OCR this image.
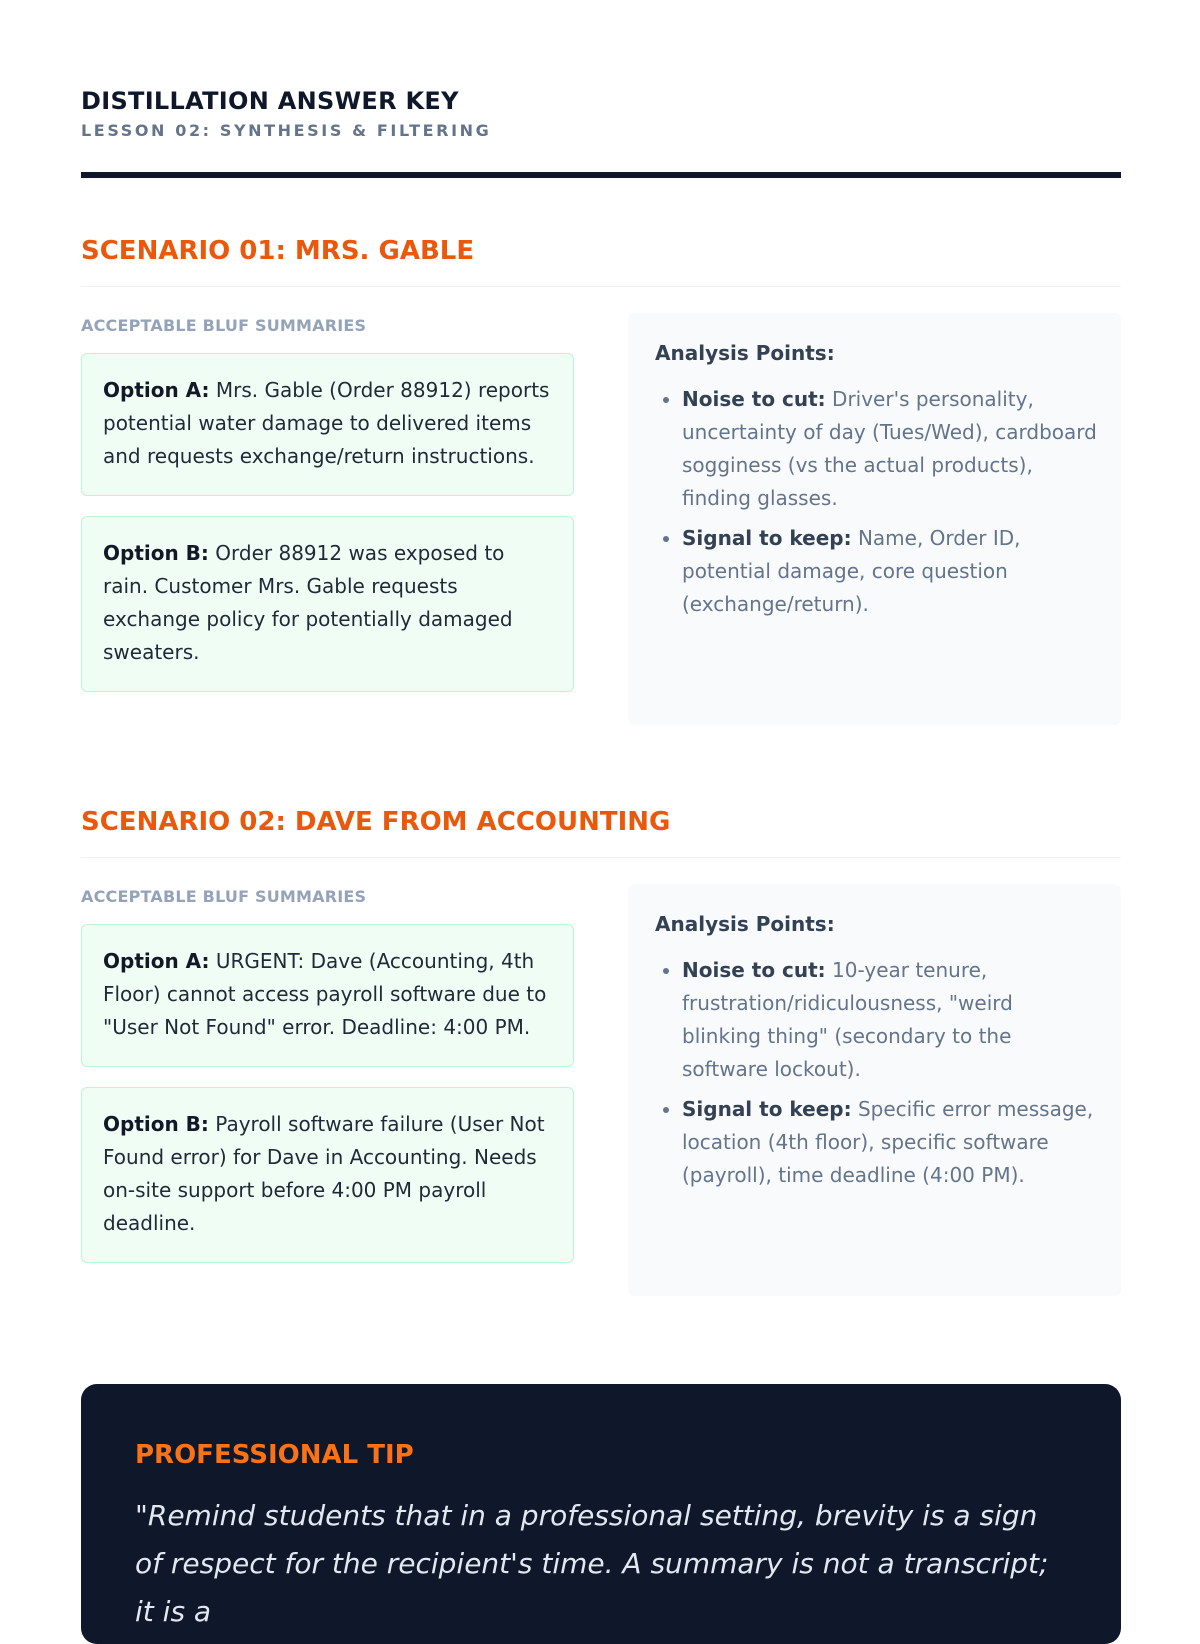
DISTILLATION ANSWER KEY
LESSON 02: SYNTHESIS & FILTERING
SCENARIO 01: MRS. GABLE
ACCEPTABLE BLUF SUMMARIES
Option A: Mrs. Gable (Order 88912) reports potential water damage to delivered items and requests exchange/return instructions.
Option B: Order 88912 was exposed to rain. Customer Mrs. Gable requests exchange policy for potentially damaged sweaters.
Analysis Points:
• Noise to cut: Driver's personality, uncertainty of day (Tues/Wed), cardboard sogginess (vs the actual products), finding glasses.
• Signal to keep: Name, Order ID, potential damage, core question (exchange/return).
SCENARIO 02: DAVE FROM ACCOUNTING
ACCEPTABLE BLUF SUMMARIES
Option A: URGENT: Dave (Accounting, 4th Floor) cannot access payroll software due to "User Not Found" error. Deadline: 4:00 PM.
Option B: Payroll software failure (User Not Found error) for Dave in Accounting. Needs on-site support before 4:00 PM payroll deadline.
Analysis Points:
• Noise to cut: 10-year tenure, frustration/ridiculousness, "weird blinking thing" (secondary to the software lockout).
• Signal to keep: Specific error message, location (4th floor), specific software (payroll), time deadline (4:00 PM).
PROFESSIONAL TIP

"Remind students that in a professional setting, brevity is a sign of respect for the recipient's time. A summary is not a transcript; it is a
